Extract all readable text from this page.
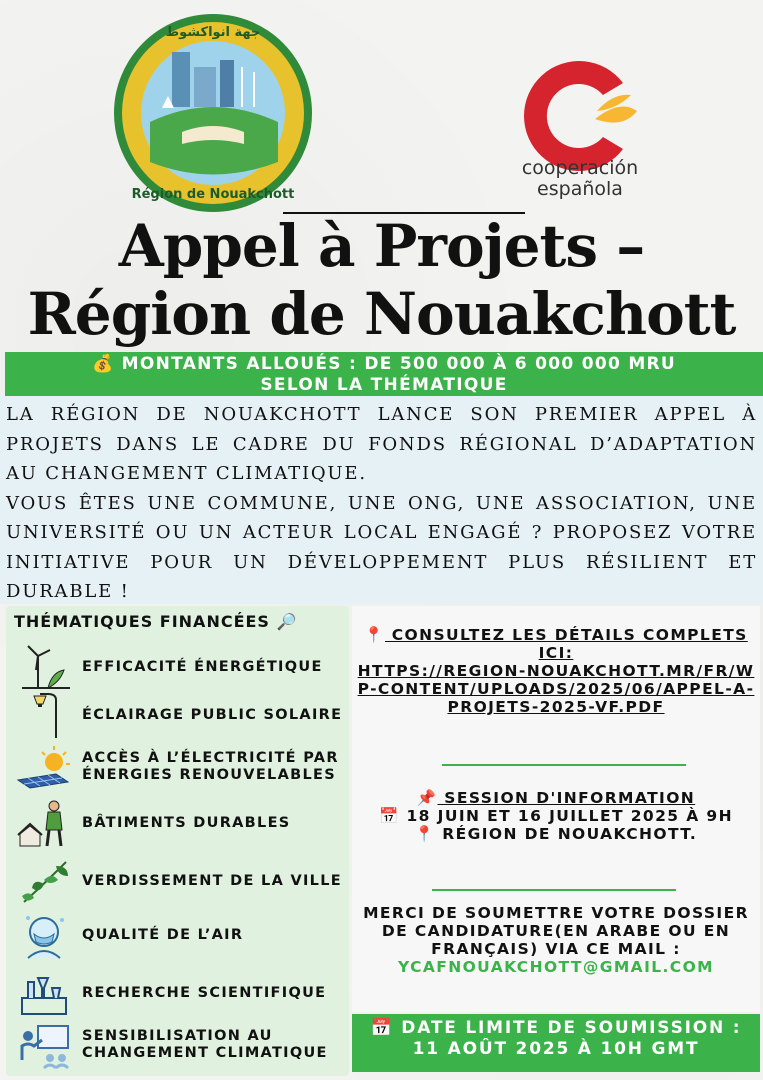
Région de Nouakchott
جهة انواكشوط
cooperación
española
Appel à Projets –
Région de Nouakchott
💰 MONTANTS ALLOUÉS : DE 500 000 À 6 000 000 MRU
SELON LA THÉMATIQUE

LA RÉGION DE NOUAKCHOTT LANCE SON PREMIER APPEL À PROJETS DANS LE CADRE DU FONDS RÉGIONAL D’ADAPTATION AU CHANGEMENT CLIMATIQUE.

VOUS ÊTES UNE COMMUNE, UNE ONG, UNE ASSOCIATION, UNE UNIVERSITÉ OU UN ACTEUR LOCAL ENGAGÉ ? PROPOSEZ VOTRE INITIATIVE POUR UN DÉVELOPPEMENT PLUS RÉSILIENT ET DURABLE !

THÉMATIQUES FINANCÉES 🔎
EFFICACITÉ ÉNERGÉTIQUE
ÉCLAIRAGE PUBLIC SOLAIRE
ACCÈS À L’ÉLECTRICITÉ PAR ÉNERGIES RENOUVELABLES
BÂTIMENTS DURABLES
VERDISSEMENT DE LA VILLE
QUALITÉ DE L’AIR
RECHERCHE SCIENTIFIQUE
SENSIBILISATION AU CHANGEMENT CLIMATIQUE
📍 CONSULTEZ LES DÉTAILS COMPLETS ICI:
HTTPS://REGION-NOUAKCHOTT.MR/FR/WP-CONTENT/UPLOADS/2025/06/APPEL-A-PROJETS-2025-VF.PDF
📌 SESSION D'INFORMATION
📅 18 JUIN ET 16 JUILLET 2025 À 9H
📍 RÉGION DE NOUAKCHOTT.
MERCI DE SOUMETTRE VOTRE DOSSIER DE CANDIDATURE(EN ARABE OU EN FRANÇAIS) VIA CE MAIL :
YCAFNOUAKCHOTT@GMAIL.COM
📅 DATE LIMITE DE SOUMISSION :
11 AOÛT 2025 À 10H GMT
